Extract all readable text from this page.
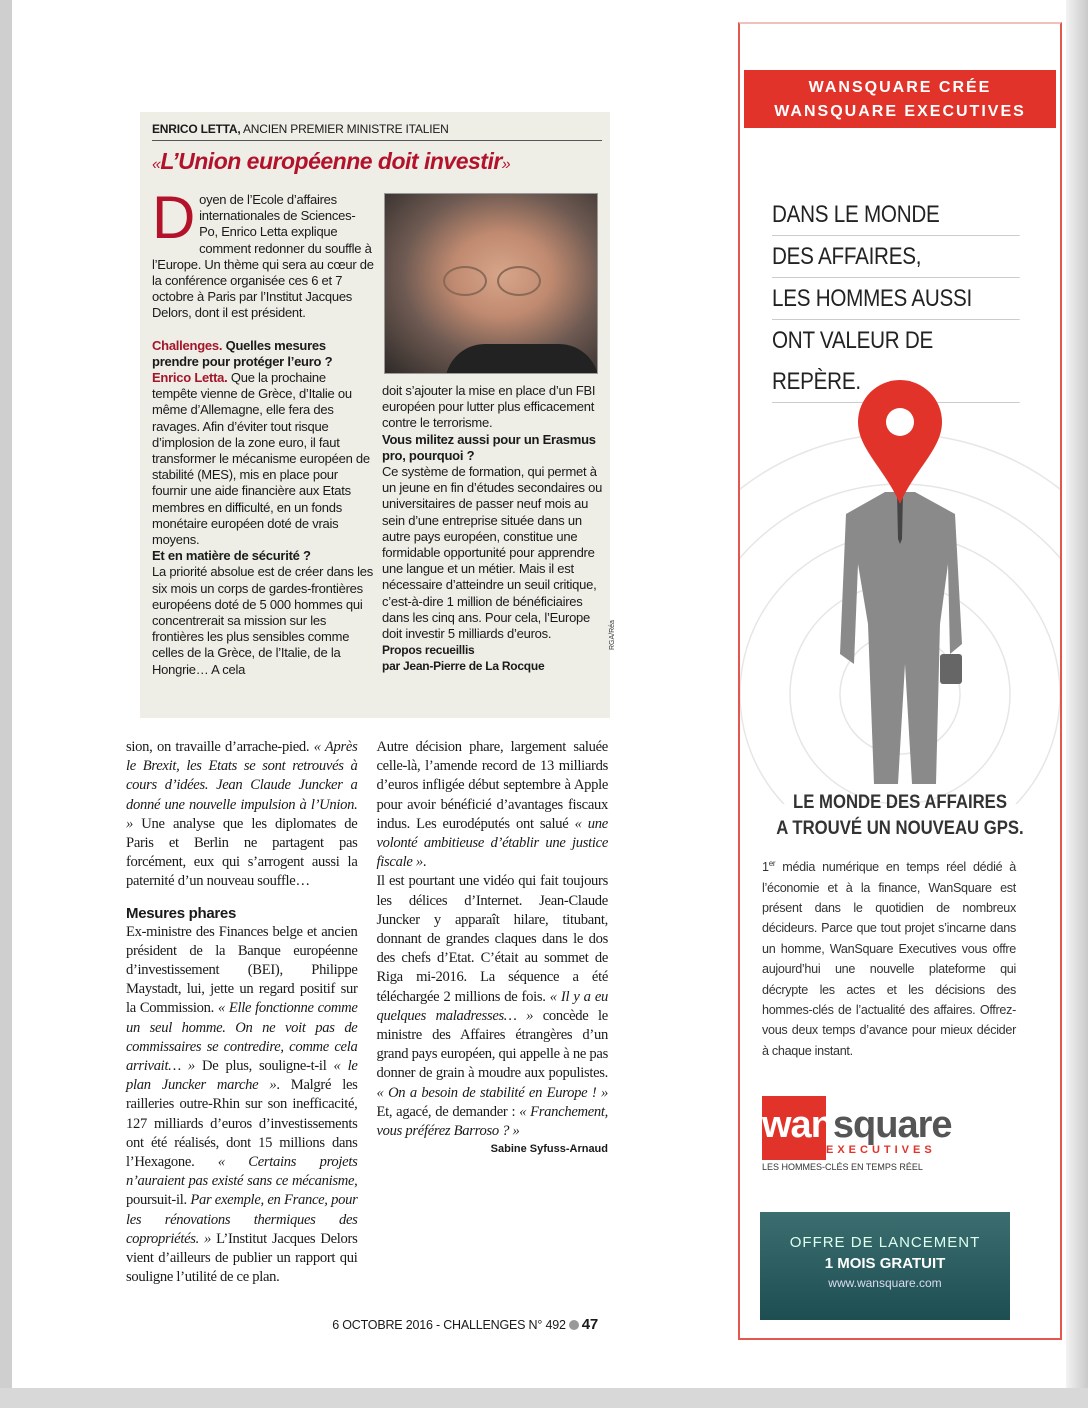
ENRICO LETTA, ANCIEN PREMIER MINISTRE ITALIEN
«L’Union européenne doit investir»

Doyen de l’Ecole d’affaires internationales de Sciences-Po, Enrico Letta explique comment redonner du souffle à l’Europe. Un thème qui sera au cœur de la conférence organisée ces 6 et 7 octobre à Paris par l’Institut Jacques Delors, dont il est président.

Challenges. Quelles mesures prendre pour protéger l’euro ?

Enrico Letta. Que la prochaine tempête vienne de Grèce, d’Italie ou même d’Allemagne, elle fera des ravages. Afin d’éviter tout risque d’implosion de la zone euro, il faut transformer le mécanisme européen de stabilité (MES), mis en place pour fournir une aide financière aux Etats membres en difficulté, en un fonds monétaire européen doté de vrais moyens.

Et en matière de sécurité ?

La priorité absolue est de créer dans les six mois un corps de gardes-frontières européens doté de 5 000 hommes qui concentrerait sa mission sur les frontières les plus sensibles comme celles de la Grèce, de l’Italie, de la Hongrie… A cela

doit s’ajouter la mise en place d’un FBI européen pour lutter plus efficacement contre le terrorisme.

Vous militez aussi pour un Erasmus pro, pourquoi ?

Ce système de formation, qui permet à un jeune en fin d’études secondaires ou universitaires de passer neuf mois au sein d’une entreprise située dans un autre pays européen, constitue une formidable opportunité pour apprendre une langue et un métier. Mais il est nécessaire d’atteindre un seuil critique, c’est-à-dire 1 million de bénéficiaires dans les cinq ans. Pour cela, l’Europe doit investir 5 milliards d’euros.

Propos recueillis

par Jean-Pierre de La Rocque

RGA/Réa

sion, on travaille d’arrache-pied. « Après le Brexit, les Etats se sont retrouvés à cours d’idées. Jean Claude Juncker a donné une nouvelle impulsion à l’Union. » Une analyse que les diplomates de Paris et Berlin ne partagent pas forcément, eux qui s’arrogent aussi la paternité d’un nouveau souffle…

Mesures phares

Ex-ministre des Finances belge et ancien président de la Banque européenne d’investissement (BEI), Philippe Maystadt, lui, jette un regard positif sur la Commission. « Elle fonctionne comme un seul homme. On ne voit pas de commissaires se contredire, comme cela arrivait… » De plus, souligne-t-il « le plan Juncker marche ». Malgré les railleries outre-Rhin sur son inefficacité, 127 milliards d’euros d’investissements ont été réalisés, dont 15 millions dans l’Hexagone. « Certains projets n’auraient pas existé sans ce mécanisme, poursuit-il. Par exemple, en France, pour les rénovations thermiques des copropriétés. » L’Institut Jacques Delors vient d’ailleurs de publier un rapport qui souligne l’utilité de ce plan.

Autre décision phare, largement saluée celle-là, l’amende record de 13 milliards d’euros infligée début septembre à Apple pour avoir bénéficié d’avantages fiscaux indus. Les eurodéputés ont salué « une volonté ambitieuse d’établir une justice fiscale ».

Il est pourtant une vidéo qui fait toujours les délices d’Internet. Jean-Claude Juncker y apparaît hilare, titubant, donnant de grandes claques dans le dos des chefs d’Etat. C’était au sommet de Riga mi-2016. La séquence a été téléchargée 2 millions de fois. « Il y a eu quelques maladresses… » concède le ministre des Affaires étrangères d’un grand pays européen, qui appelle à ne pas donner de grain à moudre aux populistes. « On a besoin de stabilité en Europe ! » Et, agacé, de demander : « Franchement, vous préférez Barroso ? »

Sabine Syfuss-Arnaud
6 OCTOBRE 2016 - CHALLENGES N° 492 47
WANSQUARE CRÉE
WANSQUARE EXECUTIVES
DANS LE MONDE
DES AFFAIRES,
LES HOMMES AUSSI
ONT VALEUR DE REPÈRE.
LE MONDE DES AFFAIRES
A TROUVÉ UN NOUVEAU GPS.

1er média numérique en temps réel dédié à l’économie et à la finance, WanSquare est présent dans le quotidien de nombreux décideurs. Parce que tout projet s’incarne dans un homme, WanSquare Executives vous offre aujourd’hui une nouvelle plateforme qui décrypte les actes et les décisions des hommes-clés de l’actualité des affaires. Offrez-vous deux temps d’avance pour mieux décider à chaque instant.

wansquare
EXECUTIVES
LES HOMMES-CLÉS EN TEMPS RÉEL
OFFRE DE LANCEMENT
1 MOIS GRATUIT
www.wansquare.com
